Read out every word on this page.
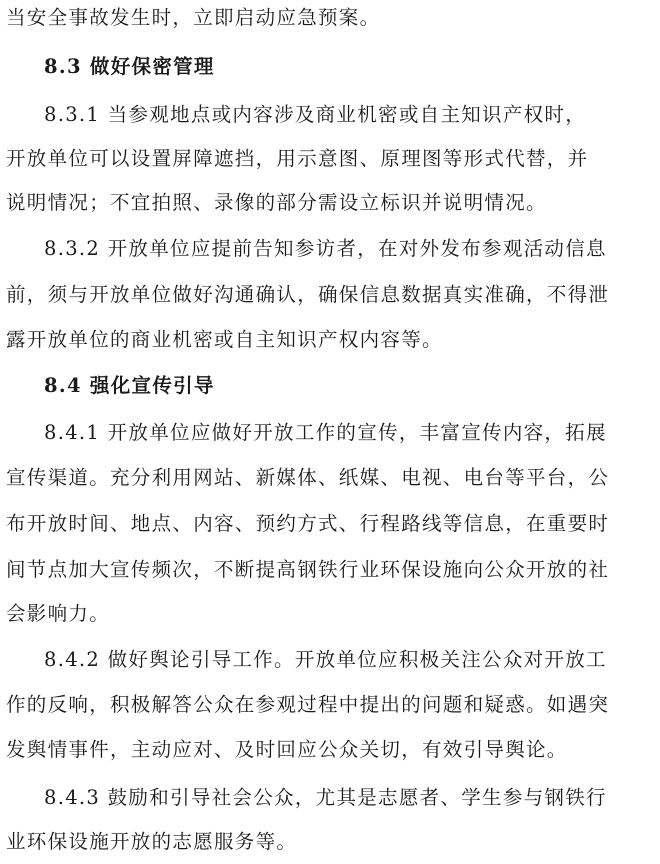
当安全事故发生时，立即启动应急预案。
8.3 做好保密管理
8.3.1 当参观地点或内容涉及商业机密或自主知识产权时，
开放单位可以设置屏障遮挡，用示意图、原理图等形式代替，并
说明情况；不宜拍照、录像的部分需设立标识并说明情况。
8.3.2 开放单位应提前告知参访者，在对外发布参观活动信息
前，须与开放单位做好沟通确认，确保信息数据真实准确，不得泄
露开放单位的商业机密或自主知识产权内容等。
8.4 强化宣传引导
8.4.1 开放单位应做好开放工作的宣传，丰富宣传内容，拓展
宣传渠道。充分利用网站、新媒体、纸媒、电视、电台等平台，公
布开放时间、地点、内容、预约方式、行程路线等信息，在重要时
间节点加大宣传频次，不断提高钢铁行业环保设施向公众开放的社
会影响力。
8.4.2 做好舆论引导工作。开放单位应积极关注公众对开放工
作的反响，积极解答公众在参观过程中提出的问题和疑惑。如遇突
发舆情事件，主动应对、及时回应公众关切，有效引导舆论。
8.4.3 鼓励和引导社会公众，尤其是志愿者、学生参与钢铁行
业环保设施开放的志愿服务等。
